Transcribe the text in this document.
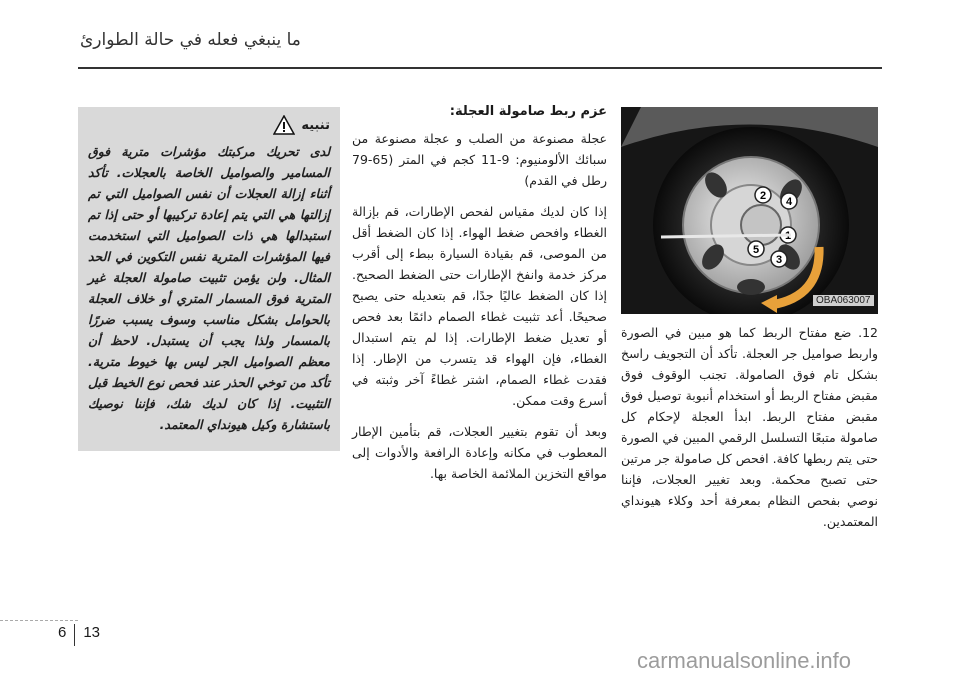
ما ينبغي فعله في حالة الطوارئ
2
3
4
5
OBA063007
12. ضع مفتاح الربط كما هو مبين في الصورة واربط صواميل جر العجلة. تأكد أن التجويف راسخ بشكل تام فوق الصامولة. تجنب الوقوف فوق مقبض مفتاح الربط أو استخدام أنبوبة توصيل فوق مقبض مفتاح الربط. ابدأ العجلة لإحكام كل صامولة متبعًا التسلسل الرقمي المبين في الصورة حتى يتم ربطها كافة. افحص كل صامولة جر مرتين حتى تصبح محكمة. وبعد تغيير العجلات، فإننا نوصي بفحص النظام بمعرفة أحد وكلاء هيونداي المعتمدين.

عزم ربط صامولة العجلة:

عجلة مصنوعة من الصلب و عجلة مصنوعة من سبائك الألومنيوم: 9-11 كجم في المتر (65-79 رطل في القدم)

إذا كان لديك مقياس لفحص الإطارات، قم بإزالة الغطاء وافحص ضغط الهواء. إذا كان الضغط أقل من الموصى، قم بقيادة السيارة ببطء إلى أقرب مركز خدمة وانفخ الإطارات حتى الضغط الصحيح. إذا كان الضغط عاليًا جدًا، قم بتعديله حتى يصبح صحيحًا. أعد تثبيت غطاء الصمام دائمًا بعد فحص أو تعديل ضغط الإطارات. إذا لم يتم استبدال الغطاء، فإن الهواء قد يتسرب من الإطار. إذا فقدت غطاء الصمام، اشتر غطاءً آخر وثبته في أسرع وقت ممكن.

وبعد أن تقوم بتغيير العجلات، قم بتأمين الإطار المعطوب في مكانه وإعادة الرافعة والأدوات إلى مواقع التخزين الملائمة الخاصة بها.

تنبيه
لدى تحريك مركبتك مؤشرات مترية فوق المسامير والصواميل الخاصة بالعجلات. تأكد أثناء إزالة العجلات أن نفس الصواميل التي تم إزالتها هي التي يتم إعادة تركيبها أو حتى إذا تم استبدالها هي ذات الصواميل التي استخدمت فيها المؤشرات المترية نفس التكوين في الحد المثال. ولن يؤمن تثبيت صامولة العجلة غير المترية فوق المسمار المتري أو خلاف العجلة بالحوامل بشكل مناسب وسوف يسبب ضررًا بالمسمار ولذا يجب أن يستبدل. لاحظ أن معظم الصواميل الجر ليس بها خيوط مترية. تأكد من توخي الحذر عند فحص نوع الخيط قبل التثبيت. إذا كان لديك شك، فإننا نوصيك باستشارة وكيل هيونداي المعتمد.
6 13
carmanualsonline.info
